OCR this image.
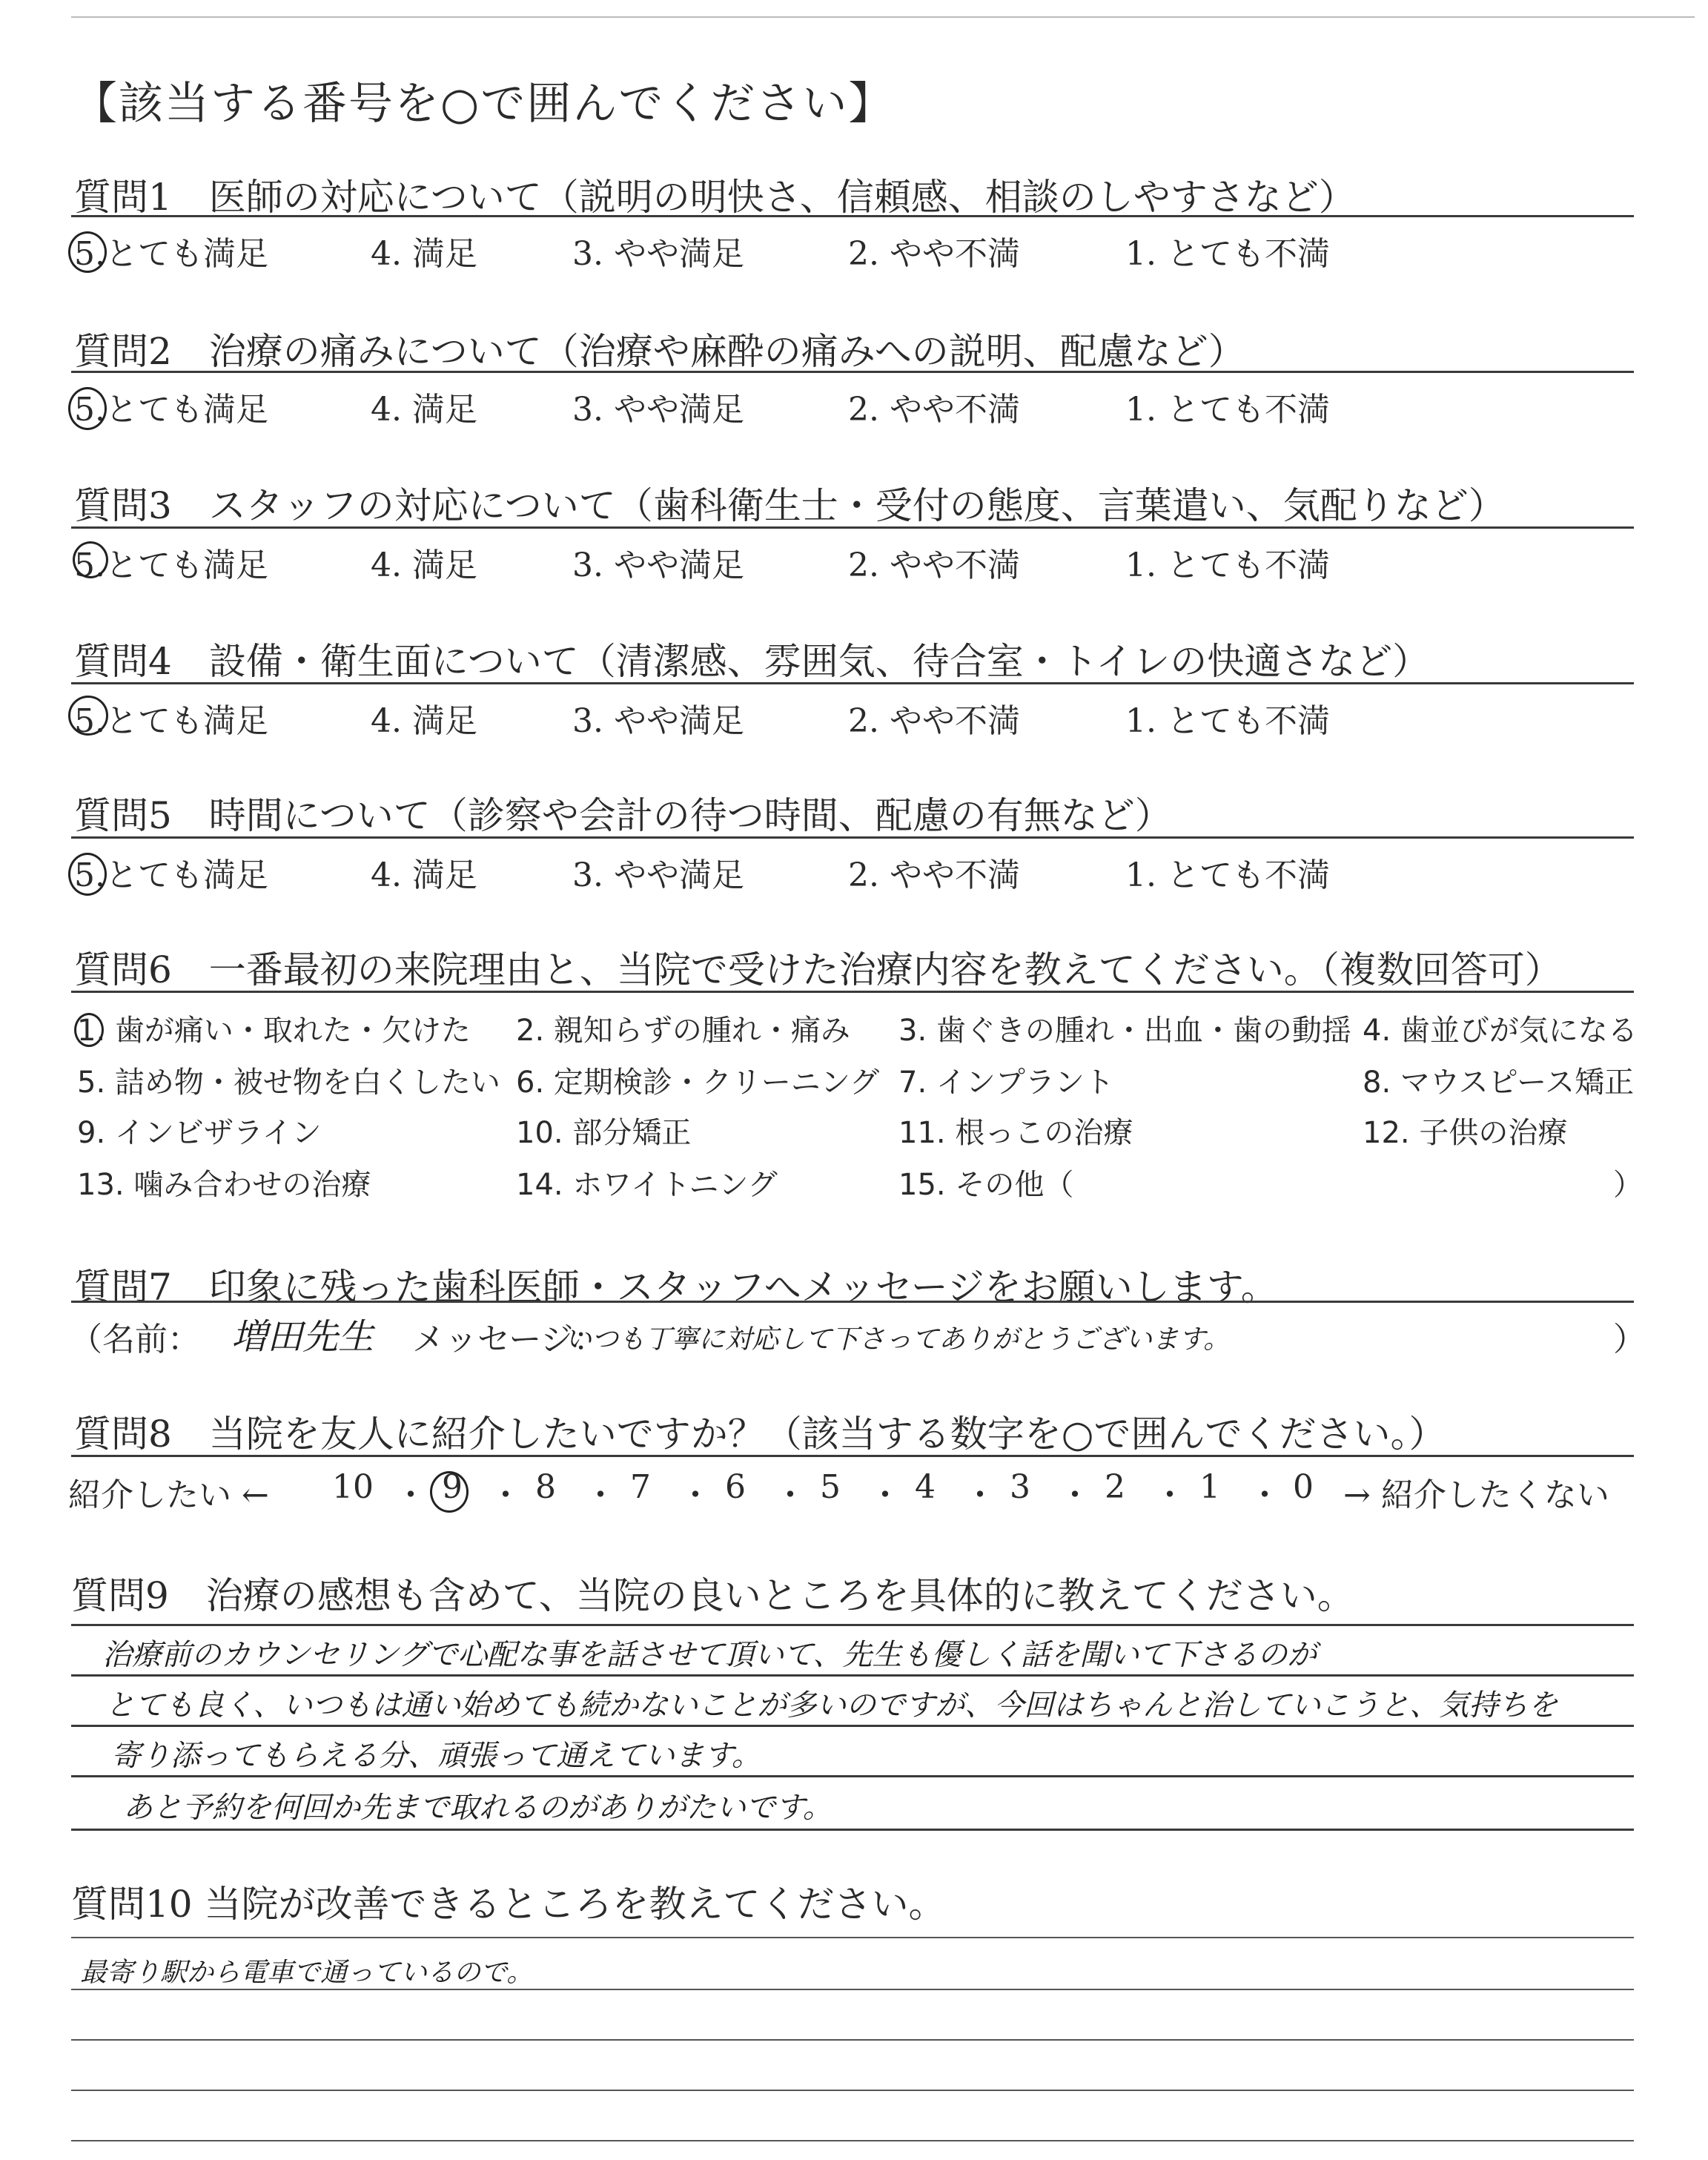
【該当する番号を○で囲んでください】
質問1　医師の対応について（説明の明快さ、信頼感、相談のしやすさなど）
5.とても満足	4. 満足	3. やや満足	2. やや不満	1. とても不満
質問2　治療の痛みについて（治療や麻酔の痛みへの説明、配慮など）
5.とても満足	4. 満足	3. やや満足	2. やや不満	1. とても不満
質問3　スタッフの対応について（歯科衛生士・受付の態度、言葉遣い、気配りなど）
5.とても満足	4. 満足	3. やや満足	2. やや不満	1. とても不満
質問4　設備・衛生面について（清潔感、雰囲気、待合室・トイレの快適さなど）
5.とても満足	4. 満足	3. やや満足	2. やや不満	1. とても不満
質問5　時間について（診察や会計の待つ時間、配慮の有無など）
5.とても満足	4. 満足	3. やや満足	2. やや不満	1. とても不満
質問6　一番最初の来院理由と、当院で受けた治療内容を教えてください。（複数回答可）
1. 歯が痛い・取れた・欠けた 2. 親知らずの腫れ・痛み 3. 歯ぐきの腫れ・出血・歯の動揺 4. 歯並びが気になる
5. 詰め物・被せ物を白くしたい 6. 定期検診・クリーニング 7. インプラント	8. マウスピース矯正
9. インビザライン	10. 部分矯正	11. 根っこの治療	12. 子供の治療
13. 噛み合わせの治療	14. ホワイトニング	15. その他（	）
質問7　印象に残った歯科医師・スタッフへメッセージをお願いします。
（名前： 増田先生 メッセージ：
いつも丁寧に対応して下さってありがとうございます。	）
質問8　当院を友人に紹介したいですか？（該当する数字を○で囲んでください。）
紹介したい ← 10 ・ 9 ・ 8 ・ 7 ・ 6 ・ 5 ・ 4 ・ 3 ・ 2 ・ 1 ・ 0 → 紹介したくない
質問9　治療の感想も含めて、当院の良いところを具体的に教えてください。
治療前のカウンセリングで心配な事を話させて頂いて、先生も優しく話を聞いて下さるのが
とても良く、いつもは通い始めても続かないことが多いのですが、今回はちゃんと治していこうと、気持ちを
寄り添ってもらえる分、頑張って通えています。
あと予約を何回か先まで取れるのがありがたいです。
質問10 当院が改善できるところを教えてください。
最寄り駅から電車で通っているので。
